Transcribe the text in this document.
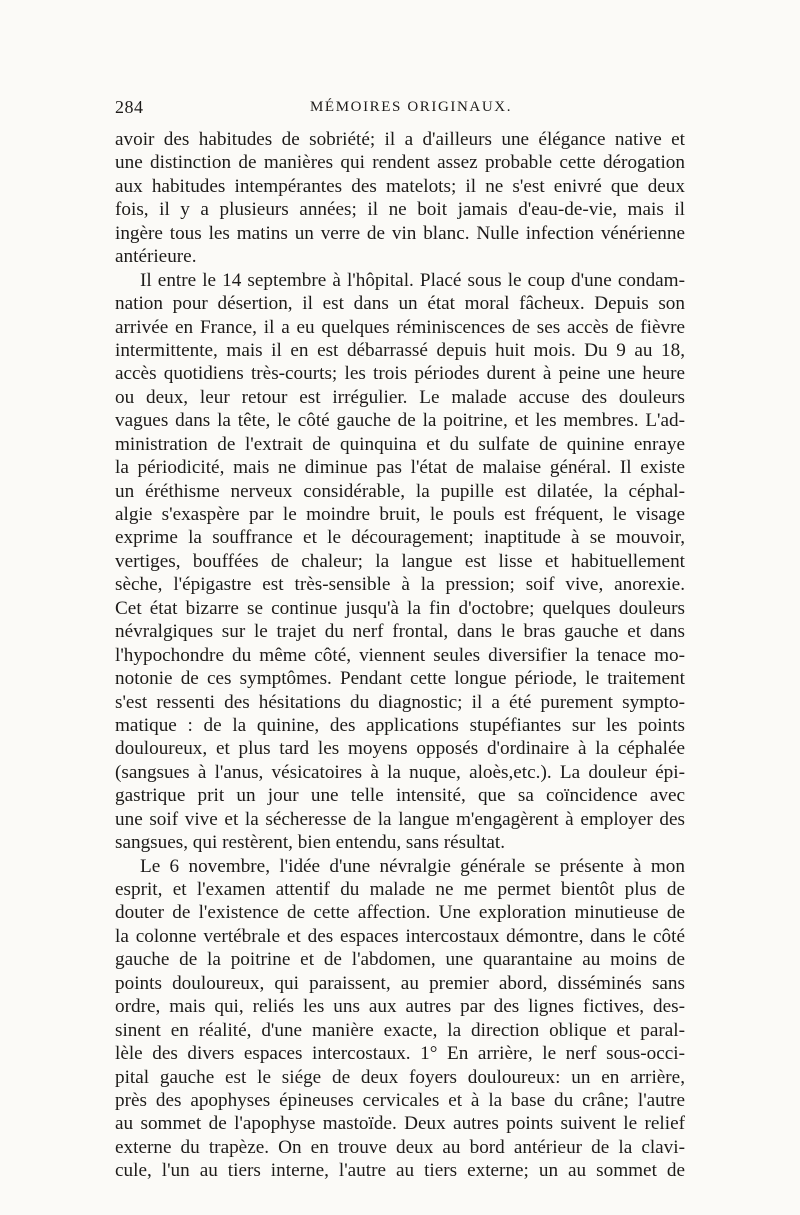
284	MÉMOIRES ORIGINAUX.
avoir des habitudes de sobriété; il a d'ailleurs une élégance native et
une distinction de manières qui rendent assez probable cette dérogation
aux habitudes intempérantes des matelots; il ne s'est enivré que deux
fois, il y a plusieurs années; il ne boit jamais d'eau-de-vie, mais il
ingère tous les matins un verre de vin blanc. Nulle infection vénérienne
antérieure.
Il entre le 14 septembre à l'hôpital. Placé sous le coup d'une condam-
nation pour désertion, il est dans un état moral fâcheux. Depuis son
arrivée en France, il a eu quelques réminiscences de ses accès de fièvre
intermittente, mais il en est débarrassé depuis huit mois. Du 9 au 18,
accès quotidiens très-courts; les trois périodes durent à peine une heure
ou deux, leur retour est irrégulier. Le malade accuse des douleurs
vagues dans la tête, le côté gauche de la poitrine, et les membres. L'ad-
ministration de l'extrait de quinquina et du sulfate de quinine enraye
la périodicité, mais ne diminue pas l'état de malaise général. Il existe
un éréthisme nerveux considérable, la pupille est dilatée, la céphal-
algie s'exaspère par le moindre bruit, le pouls est fréquent, le visage
exprime la souffrance et le découragement; inaptitude à se mouvoir,
vertiges, bouffées de chaleur; la langue est lisse et habituellement
sèche, l'épigastre est très-sensible à la pression; soif vive, anorexie.
Cet état bizarre se continue jusqu'à la fin d'octobre; quelques douleurs
névralgiques sur le trajet du nerf frontal, dans le bras gauche et dans
l'hypochondre du même côté, viennent seules diversifier la tenace mo-
notonie de ces symptômes. Pendant cette longue période, le traitement
s'est ressenti des hésitations du diagnostic; il a été purement sympto-
matique : de la quinine, des applications stupéfiantes sur les points
douloureux, et plus tard les moyens opposés d'ordinaire à la céphalée
(sangsues à l'anus, vésicatoires à la nuque, aloès,etc.). La douleur épi-
gastrique prit un jour une telle intensité, que sa coïncidence avec
une soif vive et la sécheresse de la langue m'engagèrent à employer des
sangsues, qui restèrent, bien entendu, sans résultat.
Le 6 novembre, l'idée d'une névralgie générale se présente à mon
esprit, et l'examen attentif du malade ne me permet bientôt plus de
douter de l'existence de cette affection. Une exploration minutieuse de
la colonne vertébrale et des espaces intercostaux démontre, dans le côté
gauche de la poitrine et de l'abdomen, une quarantaine au moins de
points douloureux, qui paraissent, au premier abord, disséminés sans
ordre, mais qui, reliés les uns aux autres par des lignes fictives, des-
sinent en réalité, d'une manière exacte, la direction oblique et paral-
lèle des divers espaces intercostaux. 1° En arrière, le nerf sous-occi-
pital gauche est le siége de deux foyers douloureux: un en arrière,
près des apophyses épineuses cervicales et à la base du crâne; l'autre
au sommet de l'apophyse mastoïde. Deux autres points suivent le relief
externe du trapèze. On en trouve deux au bord antérieur de la clavi-
cule, l'un au tiers interne, l'autre au tiers externe; un au sommet de
